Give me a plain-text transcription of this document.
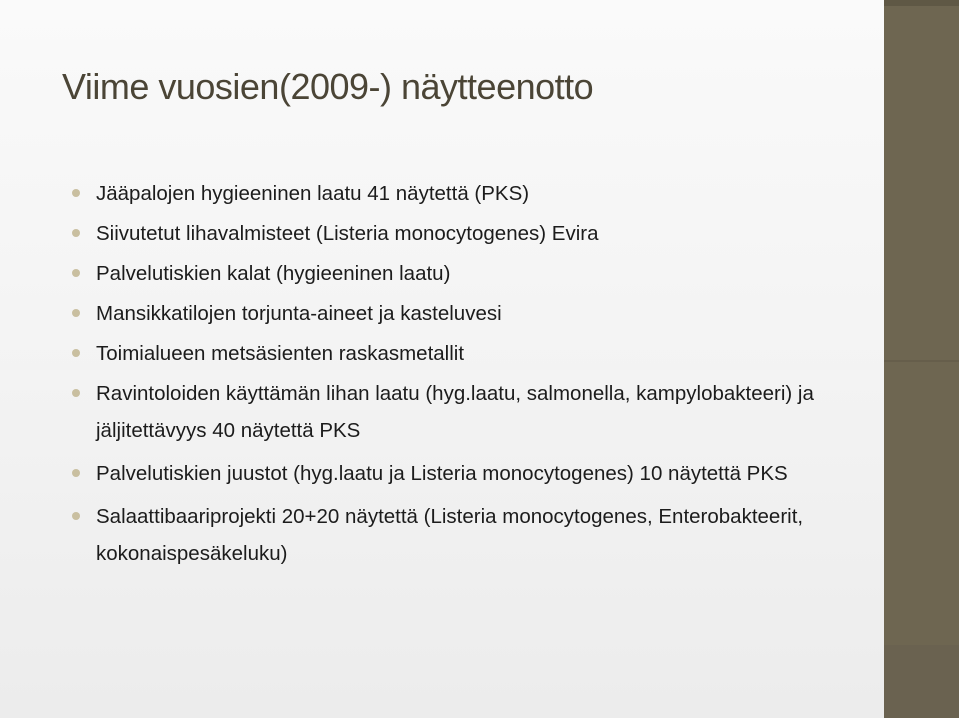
Viime vuosien(2009-) näytteenotto
Jääpalojen hygieeninen laatu 41 näytettä (PKS)
Siivutetut lihavalmisteet (Listeria monocytogenes) Evira
Palvelutiskien kalat (hygieeninen laatu)
Mansikkatilojen torjunta-aineet ja kasteluvesi
Toimialueen metsäsienten raskasmetallit
Ravintoloiden käyttämän lihan laatu (hyg.laatu, salmonella, kampylobakteeri) ja jäljitettävyys 40 näytettä PKS
Palvelutiskien juustot (hyg.laatu ja Listeria monocytogenes) 10 näytettä PKS
Salaattibaariprojekti 20+20 näytettä (Listeria monocytogenes, Enterobakteerit, kokonaispesäkeluku)
